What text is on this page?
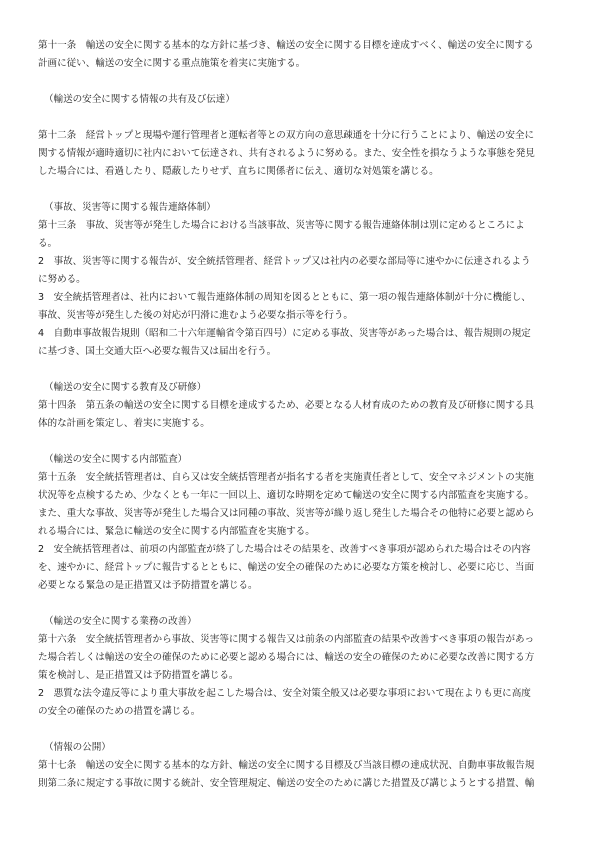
第十一条　輸送の安全に関する基本的な方針に基づき、輸送の安全に関する目標を達成すべく、輸送の安全に関する
計画に従い、輸送の安全に関する重点施策を着実に実施する。
（輸送の安全に関する情報の共有及び伝達）
第十二条　経営トップと現場や運行管理者と運転者等との双方向の意思疎通を十分に行うことにより、輸送の安全に
関する情報が適時適切に社内において伝達され、共有されるように努める。また、安全性を損なうような事態を発見
した場合には、看過したり、隠蔽したりせず、直ちに関係者に伝え、適切な対処策を講じる。
（事故、災害等に関する報告連絡体制）
第十三条　事故、災害等が発生した場合における当該事故、災害等に関する報告連絡体制は別に定めるところによ
る。
2　事故、災害等に関する報告が、安全統括管理者、経営トップ又は社内の必要な部局等に速やかに伝達されるよう
に努める。
3　安全統括管理者は、社内において報告連絡体制の周知を図るとともに、第一項の報告連絡体制が十分に機能し、
事故、災害等が発生した後の対応が円滑に進むよう必要な指示等を行う。
4　自動車事故報告規則（昭和二十六年運輸省令第百四号）に定める事故、災害等があった場合は、報告規則の規定
に基づき、国土交通大臣へ必要な報告又は届出を行う。
（輸送の安全に関する教育及び研修）
第十四条　第五条の輸送の安全に関する目標を達成するため、必要となる人材育成のための教育及び研修に関する具
体的な計画を策定し、着実に実施する。
（輸送の安全に関する内部監査）
第十五条　安全統括管理者は、自ら又は安全統括管理者が指名する者を実施責任者として、安全マネジメントの実施
状況等を点検するため、少なくとも一年に一回以上、適切な時期を定めて輸送の安全に関する内部監査を実施する。
また、重大な事故、災害等が発生した場合又は同種の事故、災害等が繰り返し発生した場合その他特に必要と認めら
れる場合には、緊急に輸送の安全に関する内部監査を実施する。
2　安全統括管理者は、前項の内部監査が終了した場合はその結果を、改善すべき事項が認められた場合はその内容
を、速やかに、経営トップに報告するとともに、輸送の安全の確保のために必要な方策を検討し、必要に応じ、当面
必要となる緊急の是正措置又は予防措置を講じる。
（輸送の安全に関する業務の改善）
第十六条　安全統括管理者から事故、災害等に関する報告又は前条の内部監査の結果や改善すべき事項の報告があっ
た場合若しくは輸送の安全の確保のために必要と認める場合には、輸送の安全の確保のために必要な改善に関する方
策を検討し、是正措置又は予防措置を講じる。
2　悪質な法令違反等により重大事故を起こした場合は、安全対策全般又は必要な事項において現在よりも更に高度
の安全の確保のための措置を講じる。
（情報の公開）
第十七条　輸送の安全に関する基本的な方針、輸送の安全に関する目標及び当該目標の達成状況、自動車事故報告規
則第二条に規定する事故に関する統計、安全管理規定、輸送の安全のために講じた措置及び講じようとする措置、輸
